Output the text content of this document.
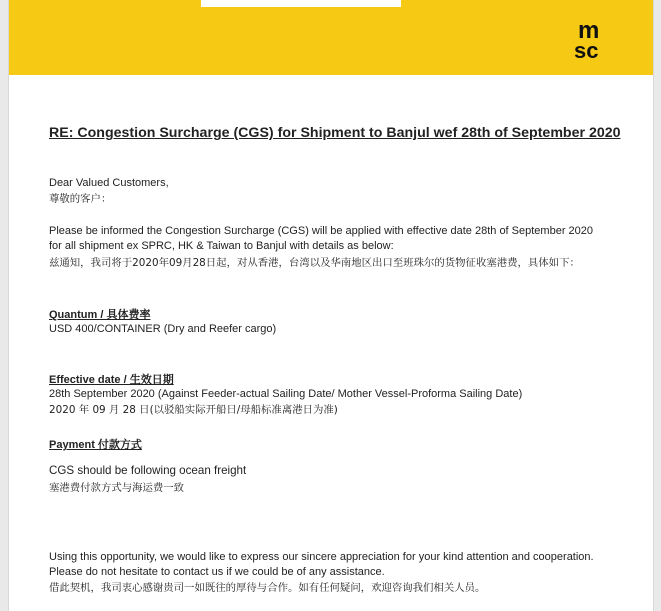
m
sc
RE: Congestion Surcharge (CGS) for Shipment to Banjul wef 28th of September 2020
Dear Valued Customers,
尊敬的客户：
Please be informed the Congestion Surcharge (CGS) will be applied with effective date 28th of September 2020
for all shipment ex SPRC, HK & Taiwan to Banjul with details as below:
兹通知，我司将于2020年09月28日起，对从香港，台湾以及华南地区出口至班珠尔的货物征收塞港费，具体如下：
Quantum / 具体费率
USD 400/CONTAINER (Dry and Reefer cargo)
Effective date / 生效日期
28th September 2020 (Against Feeder-actual Sailing Date/ Mother Vessel-Proforma Sailing Date)
2020 年 09 月 28 日(以驳船实际开船日/母船标准离港日为准)
Payment 付款方式
CGS should be following ocean freight
塞港费付款方式与海运费一致
Using this opportunity, we would like to express our sincere appreciation for your kind attention and cooperation.
Please do not hesitate to contact us if we could be of any assistance.
借此契机，我司衷心感谢贵司一如既往的厚待与合作。如有任何疑问，欢迎咨询我们相关人员。
